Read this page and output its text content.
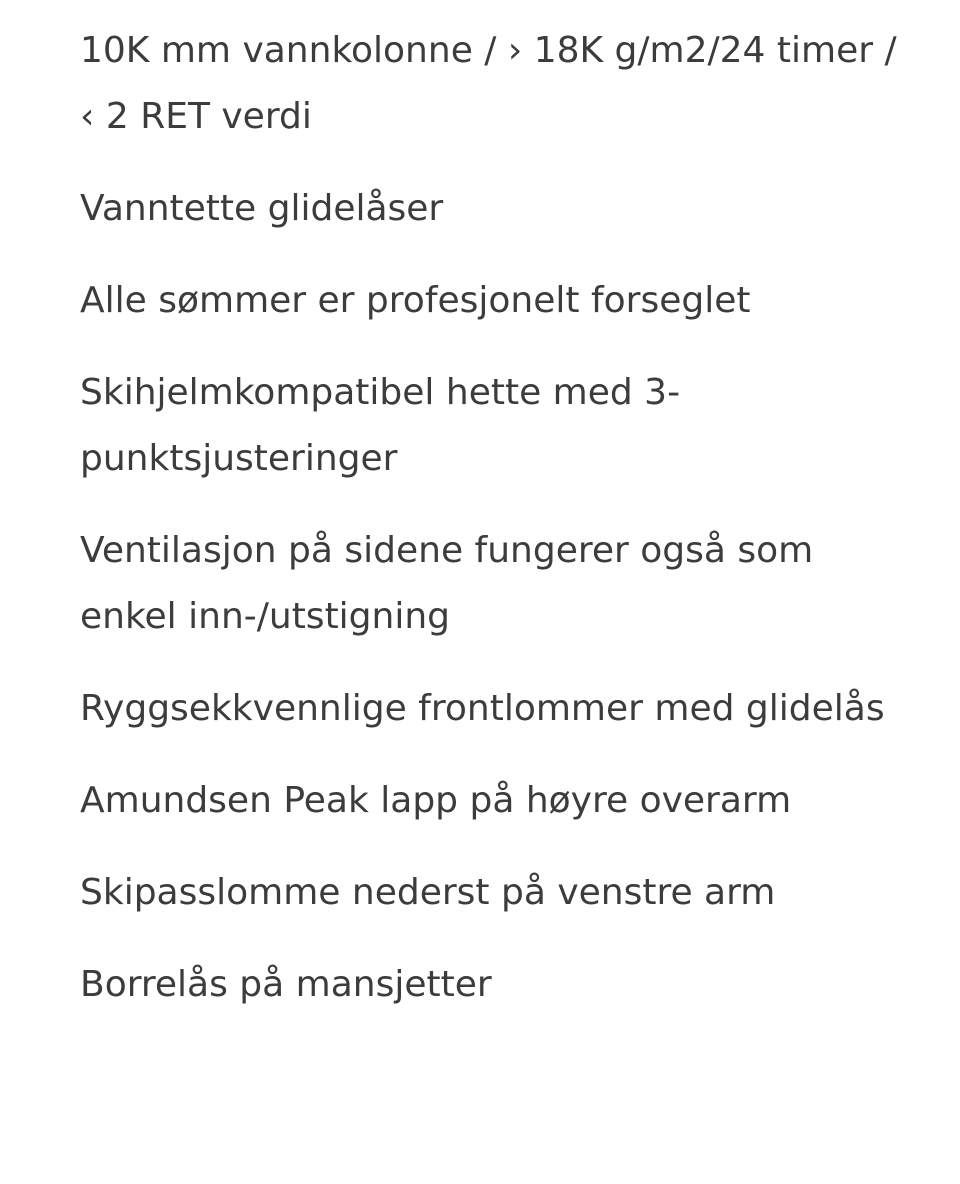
10K mm vannkolonne / › 18K g/m2/24 timer / ‹ 2 RET verdi
Vanntette glidelåser
Alle sømmer er profesjonelt forseglet
Skihjelmkompatibel hette med 3-punktsjusteringer
Ventilasjon på sidene fungerer også som enkel inn-/utstigning
Ryggsekkvennlige frontlommer med glidelås
Amundsen Peak lapp på høyre overarm
Skipasslomme nederst på venstre arm
Borrelås på mansjetter
